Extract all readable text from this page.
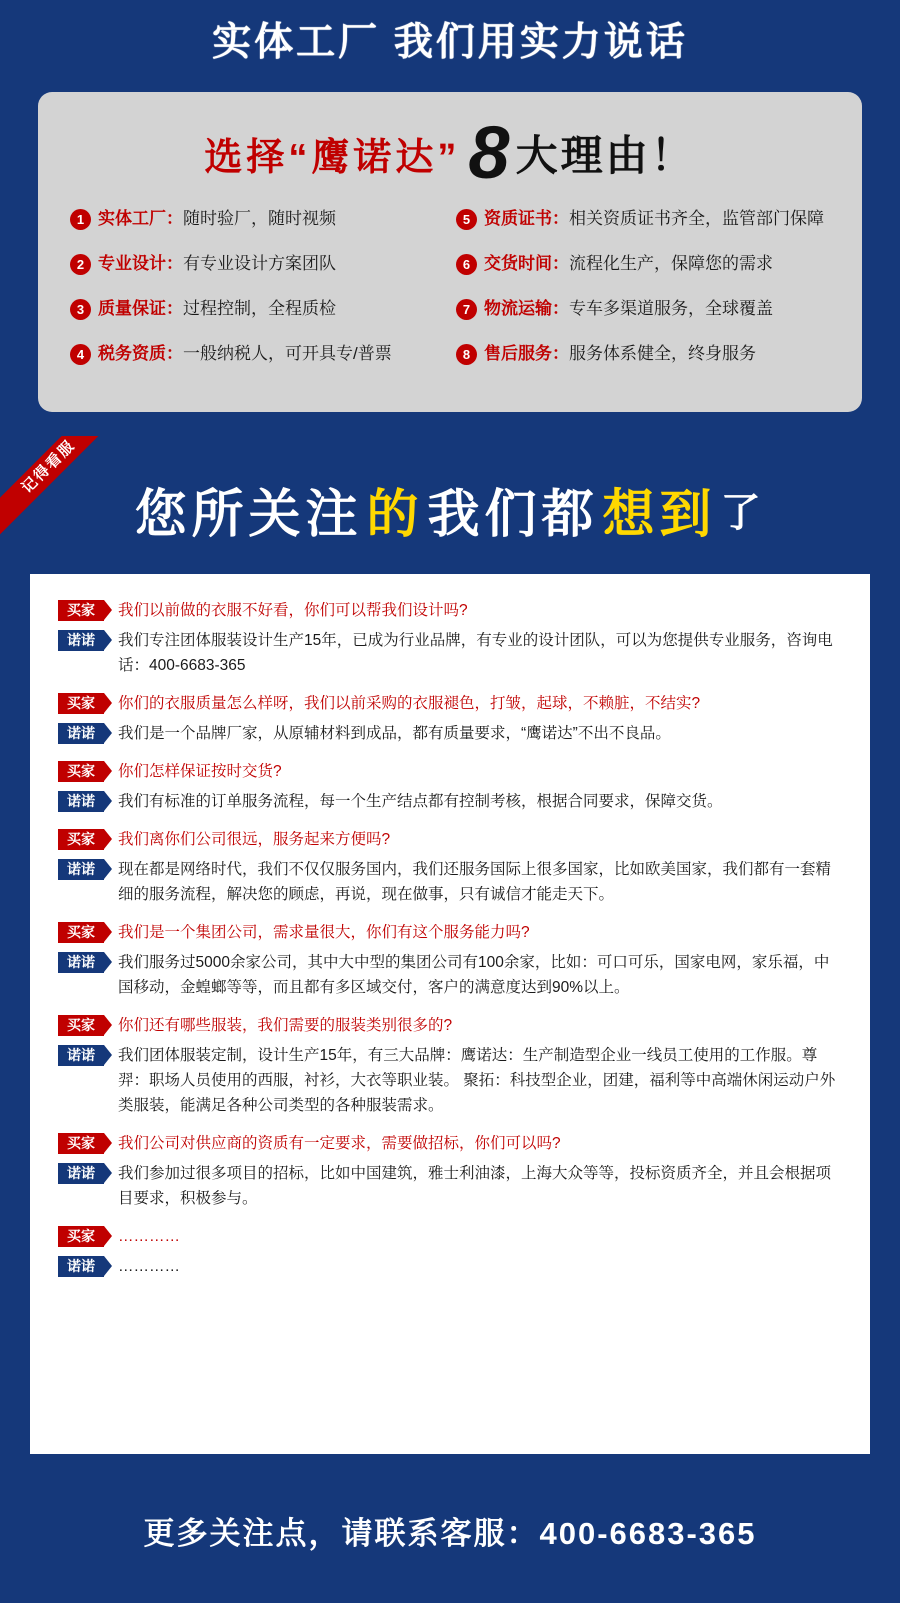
实体工厂 我们用实力说话
选择“鹰诺达” 8 大理由！
1 实体工厂：随时验厂，随时视频	5 资质证书：相关资质证书齐全，监管部门保障
2 专业设计：有专业设计方案团队	6 交货时间：流程化生产，保障您的需求
3 质量保证：过程控制，全程质检	7 物流运输：专车多渠道服务，全球覆盖
4 税务资质：一般纳税人，可开具专/普票	8 售后服务：服务体系健全，终身服务
记得看服
您所关注 的 我们都 想到 了
买家	我们以前做的衣服不好看，你们可以帮我们设计吗?
诺诺	我们专注团体服装设计生产15年，已成为行业品牌，有专业的设计团队，可以为您提供专业服务，咨询电话：400-6683-365
买家	你们的衣服质量怎么样呀，我们以前采购的衣服褪色，打皱，起球，不赖脏，不结实?
诺诺	我们是一个品牌厂家，从原辅材料到成品，都有质量要求，“鹰诺达”不出不良品。
买家	你们怎样保证按时交货?
诺诺	我们有标准的订单服务流程，每一个生产结点都有控制考核，根据合同要求，保障交货。
买家	我们离你们公司很远，服务起来方便吗?
诺诺	现在都是网络时代，我们不仅仅服务国内，我们还服务国际上很多国家，比如欧美国家，我们都有一套精细的服务流程，解决您的顾虑，再说，现在做事，只有诚信才能走天下。
买家	我们是一个集团公司，需求量很大，你们有这个服务能力吗?
诺诺	我们服务过5000余家公司，其中大中型的集团公司有100余家，比如：可口可乐，国家电网，家乐福，中国移动，金蝗螂等等，而且都有多区域交付，客户的满意度达到90%以上。
买家	你们还有哪些服装，我们需要的服装类别很多的?
诺诺	我们团体服装定制，设计生产15年，有三大品牌：鹰诺达：生产制造型企业一线员工使用的工作服。尊羿：职场人员使用的西服，衬衫，大衣等职业装。 聚拓：科技型企业，团建，福利等中高端休闲运动户外类服装，能满足各种公司类型的各种服装需求。
买家	我们公司对供应商的资质有一定要求，需要做招标，你们可以吗?
诺诺	我们参加过很多项目的招标，比如中国建筑，雅士利油漆，上海大众等等，投标资质齐全，并且会根据项目要求，积极参与。
买家	…………
诺诺	…………
更多关注点，请联系客服：400-6683-365
